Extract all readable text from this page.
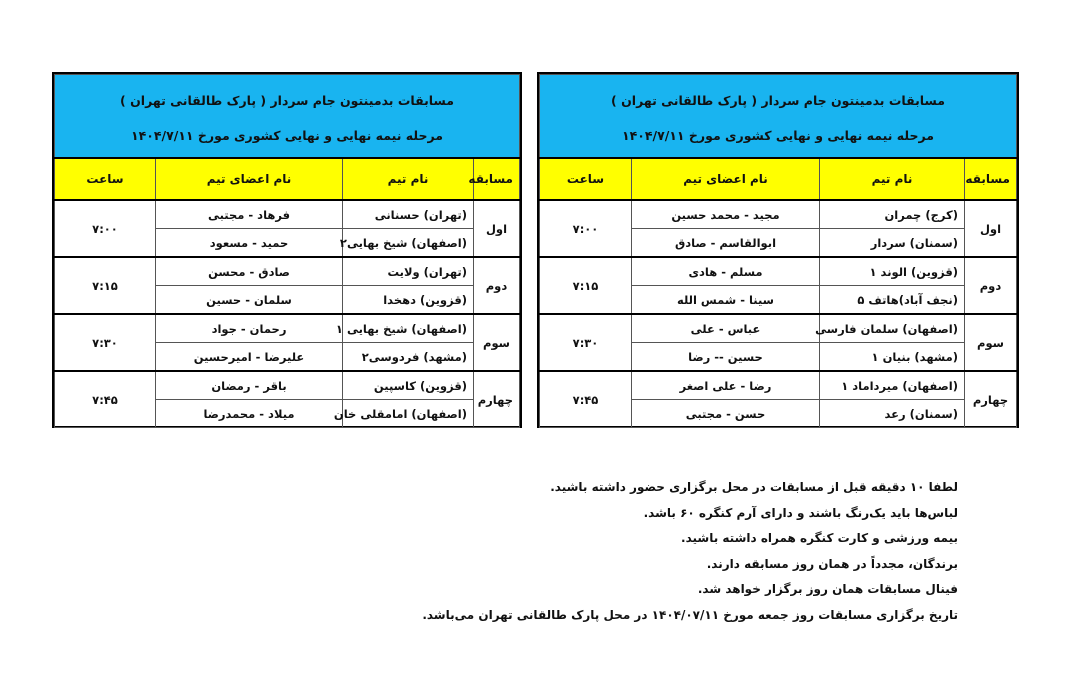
مسابقات بدمینتون جام سردار ( پارک طالقانی تهران )
مرحله نیمه نهایی و نهایی کشوری مورخ ۱۴۰۴/۷/۱۱			

مسابقه	نام تیم	نام اعضای تیم	ساعت
اول	(تهران) حسنانی	فرهاد - مجتبی	۷:۰۰
	(اصفهان) شیخ بهایی۲	حمید - مسعود	
دوم	(تهران) ولایت	صادق - محسن	۷:۱۵
	(قزوین) دهخدا	سلمان - حسین	
سوم	(اصفهان) شیخ بهایی ۱	رحمان - جواد	۷:۳۰
	(مشهد) فردوسی۲	علیرضا - امیرحسین	
چهارم	(قزوین) کاسپین	باقر - رمضان	۷:۴۵
	(اصفهان) امامقلی خان	میلاد - محمدرضا	
مسابقات بدمینتون جام سردار ( پارک طالقانی تهران )
مرحله نیمه نهایی و نهایی کشوری مورخ ۱۴۰۴/۷/۱۱			

مسابقه	نام تیم	نام اعضای تیم	ساعت
اول	(کرج) چمران	مجید - محمد حسین	۷:۰۰
	(سمنان) سردار	ابوالقاسم - صادق	
دوم	(قزوین) الوند ۱	مسلم - هادی	۷:۱۵
	(نجف آباد)هاتف ۵	سینا - شمس الله	
سوم	(اصفهان) سلمان فارسی	عباس - علی	۷:۳۰
	(مشهد) بنیان ۱	حسین -- رضا	
چهارم	(اصفهان) میرداماد ۱	رضا - علی اصغر	۷:۴۵
	(سمنان) رعد	حسن - مجتبی	
لطفا ۱۰ دقیقه قبل از مسابقات در محل برگزاری حضور داشته باشید.
لباس‌ها باید یک‌رنگ باشند و دارای آرم کنگره ۶۰ باشد.
بیمه ورزشی و کارت کنگره همراه داشته باشید.
برندگان، مجدداً در همان روز مسابقه دارند.
فینال مسابقات همان روز برگزار خواهد شد.
تاریخ برگزاری مسابقات روز جمعه مورخ ۱۴۰۴/۰۷/۱۱ در محل پارک طالقانی تهران می‌باشد.
